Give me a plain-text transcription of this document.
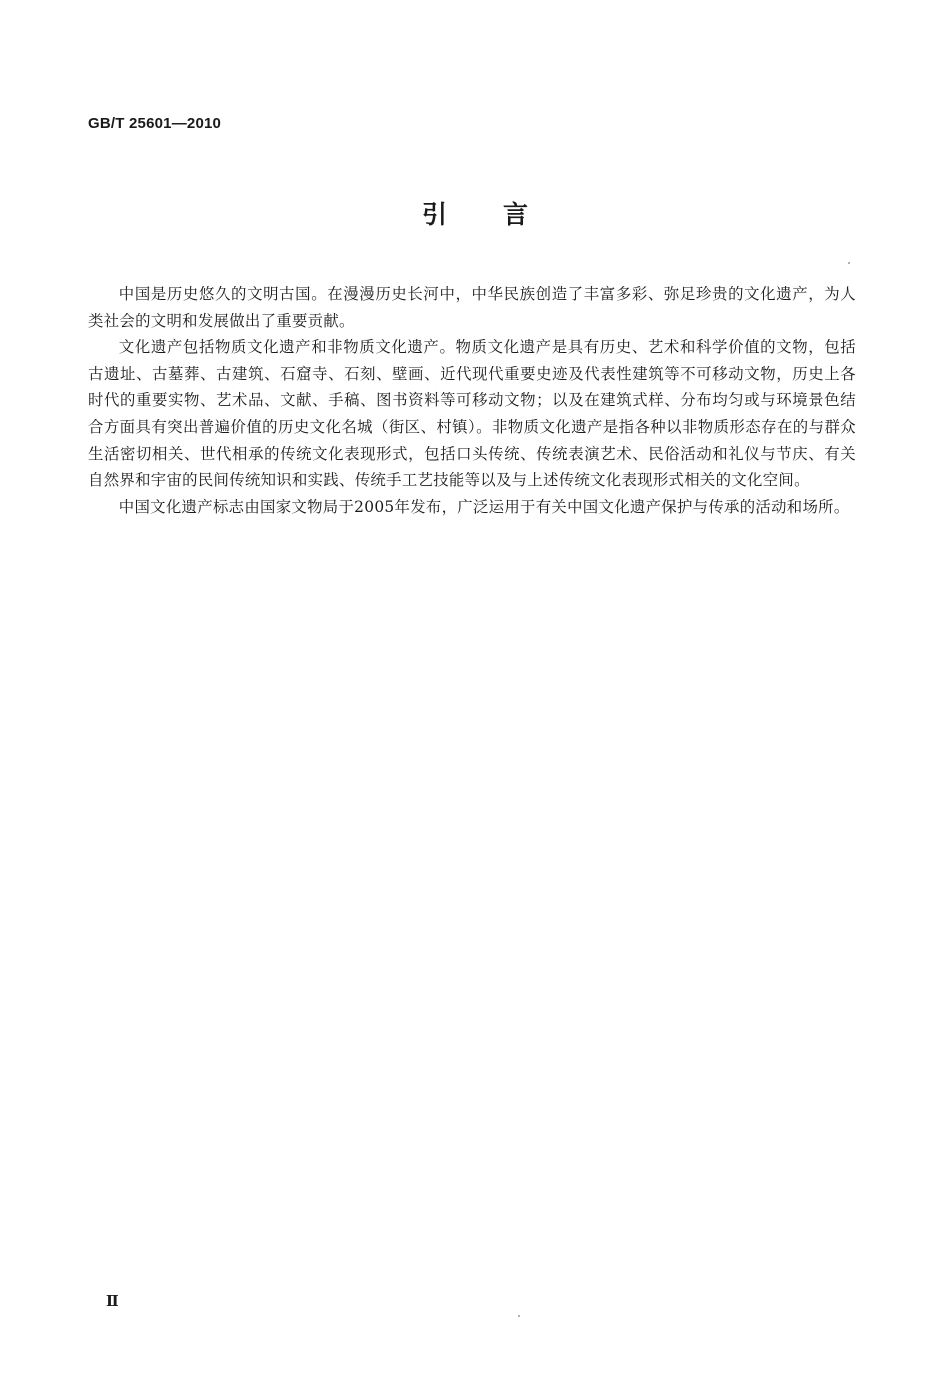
GB/T 25601—2010
引 言

中国是历史悠久的文明古国。在漫漫历史长河中，中华民族创造了丰富多彩、弥足珍贵的文化遗产，为人类社会的文明和发展做出了重要贡献。

文化遗产包括物质文化遗产和非物质文化遗产。物质文化遗产是具有历史、艺术和科学价值的文物，包括古遗址、古墓葬、古建筑、石窟寺、石刻、壁画、近代现代重要史迹及代表性建筑等不可移动文物，历史上各时代的重要实物、艺术品、文献、手稿、图书资料等可移动文物；以及在建筑式样、分布均匀或与环境景色结合方面具有突出普遍价值的历史文化名城（街区、村镇）。非物质文化遗产是指各种以非物质形态存在的与群众生活密切相关、世代相承的传统文化表现形式，包括口头传统、传统表演艺术、民俗活动和礼仪与节庆、有关自然界和宇宙的民间传统知识和实践、传统手工艺技能等以及与上述传统文化表现形式相关的文化空间。

中国文化遗产标志由国家文物局于2005年发布，广泛运用于有关中国文化遗产保护与传承的活动和场所。

Ⅱ
